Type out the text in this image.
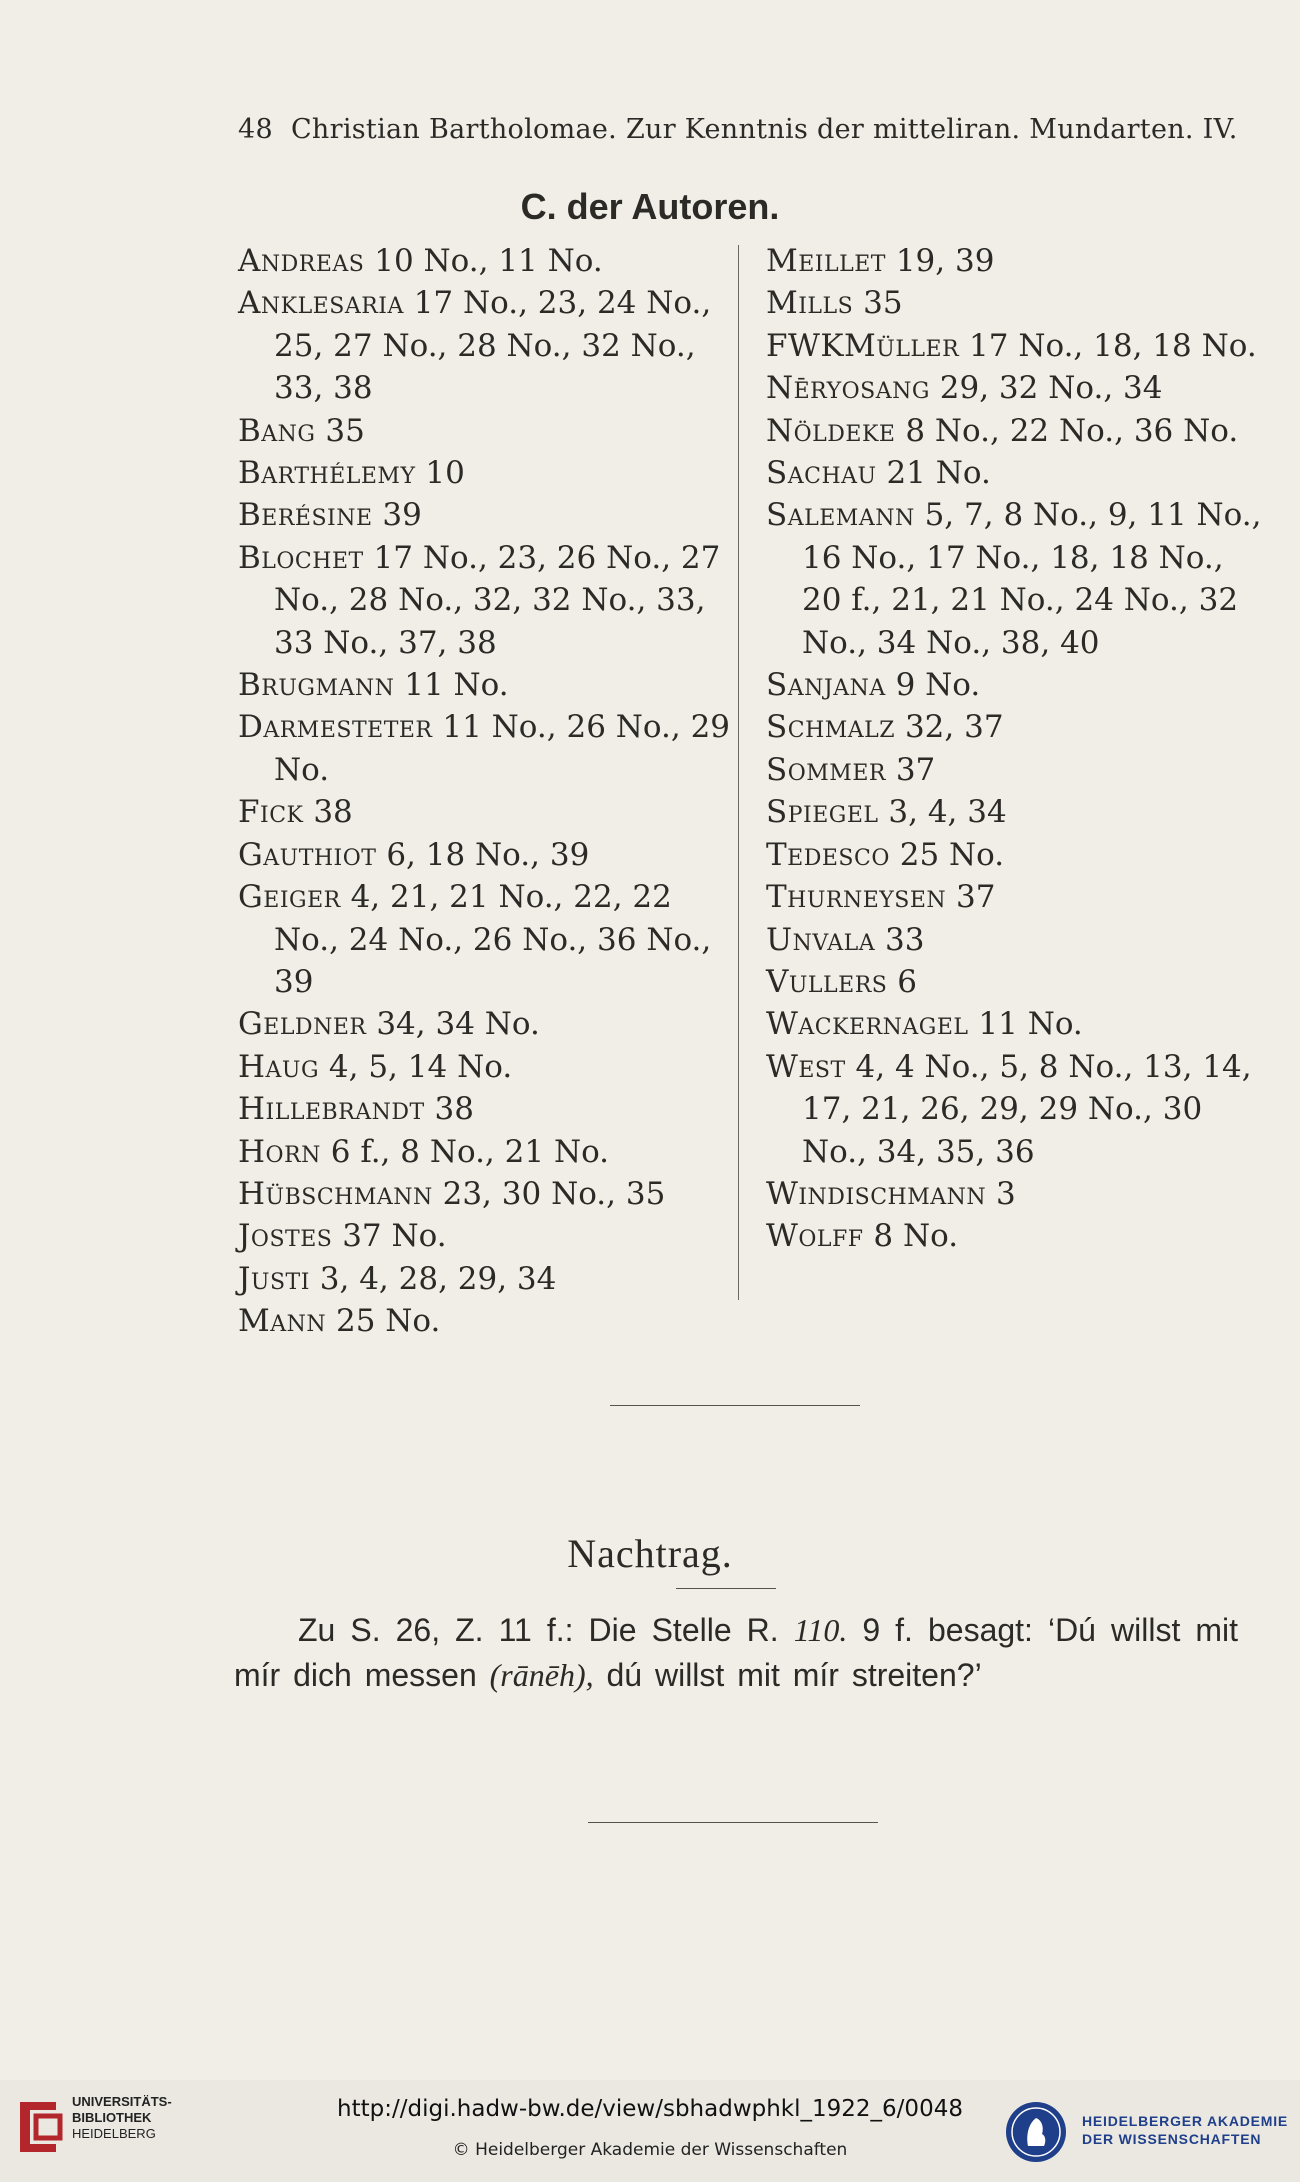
48 Christian Bartholomae. Zur Kenntnis der mitteliran. Mundarten. IV.
C. der Autoren.
Andreas 10 No., 11 No.
Anklesaria 17 No., 23, 24 No., 25, 27 No., 28 No., 32 No., 33, 38
Bang 35
Barthélemy 10
Berésine 39
Blochet 17 No., 23, 26 No., 27 No., 28 No., 32, 32 No., 33, 33 No., 37, 38
Brugmann 11 No.
Darmesteter 11 No., 26 No., 29 No.
Fick 38
Gauthiot 6, 18 No., 39
Geiger 4, 21, 21 No., 22, 22 No., 24 No., 26 No., 36 No., 39
Geldner 34, 34 No.
Haug 4, 5, 14 No.
Hillebrandt 38
Horn 6 f., 8 No., 21 No.
Hübschmann 23, 30 No., 35
Jostes 37 No.
Justi 3, 4, 28, 29, 34
Mann 25 No.
Meillet 19, 39
Mills 35
FWKMüller 17 No., 18, 18 No.
Nēryosang 29, 32 No., 34
Nöldeke 8 No., 22 No., 36 No.
Sachau 21 No.
Salemann 5, 7, 8 No., 9, 11 No., 16 No., 17 No., 18, 18 No., 20 f., 21, 21 No., 24 No., 32 No., 34 No., 38, 40
Sanjana 9 No.
Schmalz 32, 37
Sommer 37
Spiegel 3, 4, 34
Tedesco 25 No.
Thurneysen 37
Unvala 33
Vullers 6
Wackernagel 11 No.
West 4, 4 No., 5, 8 No., 13, 14, 17, 21, 26, 29, 29 No., 30 No., 34, 35, 36
Windischmann 3
Wolff 8 No.
Nachtrag.
Zu S. 26, Z. 11 f.: Die Stelle R. 110. 9 f. besagt: ‘Dú willst mit mír dich messen (rānēh), dú willst mit mír streiten?’
UNIVERSITÄTS-
BIBLIOTHEK
HEIDELBERG
http://digi.hadw-bw.de/view/sbhadwphkl_1922_6/0048
© Heidelberger Akademie der Wissenschaften
HEIDELBERGER AKADEMIE
DER WISSENSCHAFTEN
